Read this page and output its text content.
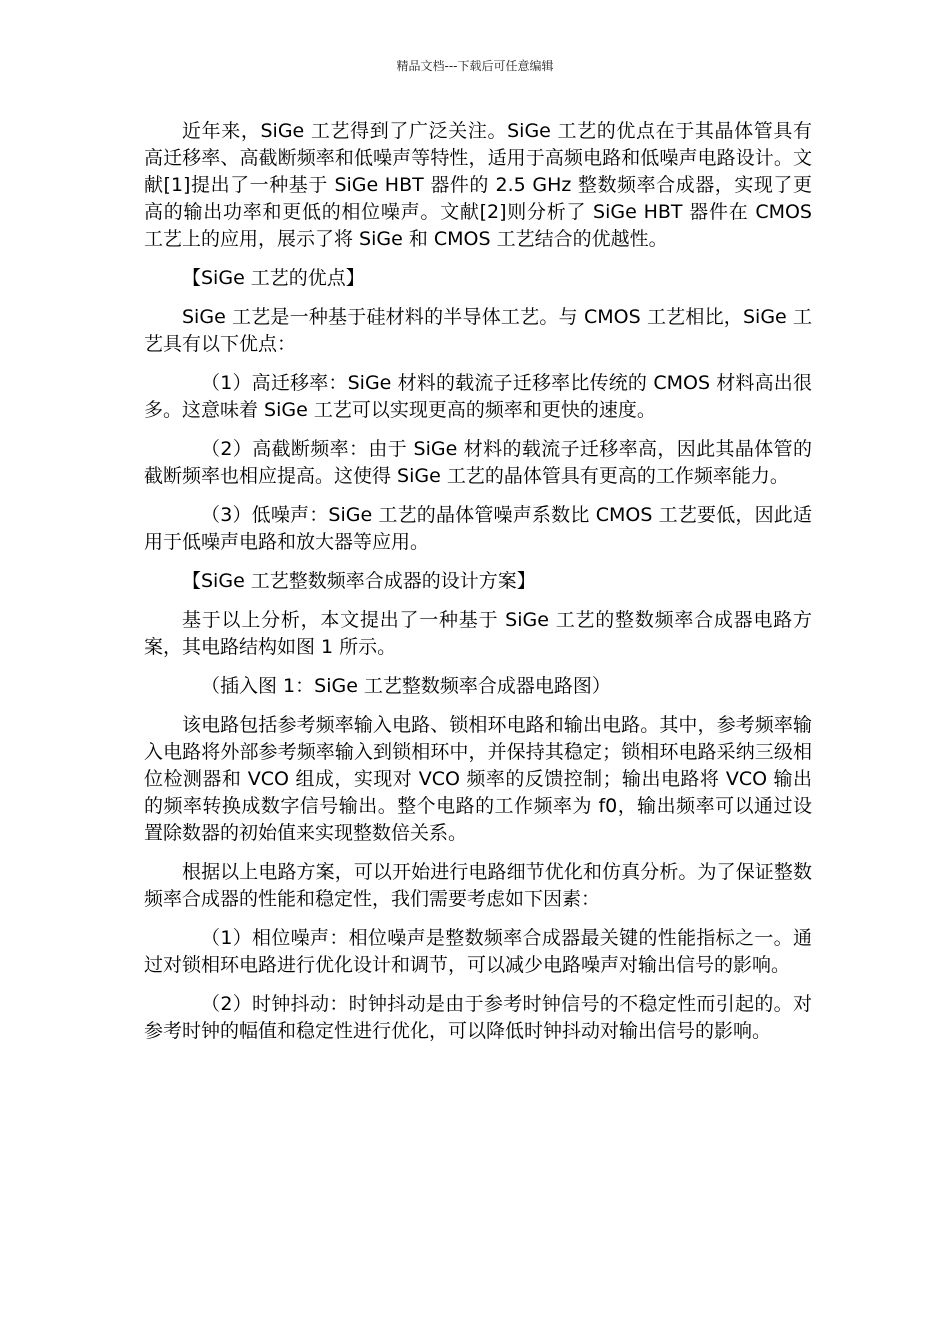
精品文档---下载后可任意编辑

近年来，SiGe 工艺得到了广泛关注。SiGe 工艺的优点在于其晶体管具有高迁移率、高截断频率和低噪声等特性，适用于高频电路和低噪声电路设计。文献[1]提出了一种基于 SiGe HBT 器件的 2.5 GHz 整数频率合成器，实现了更高的输出功率和更低的相位噪声。文献[2]则分析了 SiGe HBT 器件在 CMOS 工艺上的应用，展示了将 SiGe 和 CMOS 工艺结合的优越性。

【SiGe 工艺的优点】

SiGe 工艺是一种基于硅材料的半导体工艺。与 CMOS 工艺相比，SiGe 工艺具有以下优点：

（1）高迁移率：SiGe 材料的载流子迁移率比传统的 CMOS 材料高出很多。这意味着 SiGe 工艺可以实现更高的频率和更快的速度。

（2）高截断频率：由于 SiGe 材料的载流子迁移率高，因此其晶体管的截断频率也相应提高。这使得 SiGe 工艺的晶体管具有更高的工作频率能力。

（3）低噪声：SiGe 工艺的晶体管噪声系数比 CMOS 工艺要低，因此适用于低噪声电路和放大器等应用。

【SiGe 工艺整数频率合成器的设计方案】

基于以上分析，本文提出了一种基于 SiGe 工艺的整数频率合成器电路方案，其电路结构如图 1 所示。

（插入图 1：SiGe 工艺整数频率合成器电路图）

该电路包括参考频率输入电路、锁相环电路和输出电路。其中，参考频率输入电路将外部参考频率输入到锁相环中，并保持其稳定；锁相环电路采纳三级相位检测器和 VCO 组成，实现对 VCO 频率的反馈控制；输出电路将 VCO 输出的频率转换成数字信号输出。整个电路的工作频率为 f0，输出频率可以通过设置除数器的初始值来实现整数倍关系。

根据以上电路方案，可以开始进行电路细节优化和仿真分析。为了保证整数频率合成器的性能和稳定性，我们需要考虑如下因素：

（1）相位噪声：相位噪声是整数频率合成器最关键的性能指标之一。通过对锁相环电路进行优化设计和调节，可以减少电路噪声对输出信号的影响。

（2）时钟抖动：时钟抖动是由于参考时钟信号的不稳定性而引起的。对参考时钟的幅值和稳定性进行优化，可以降低时钟抖动对输出信号的影响。
